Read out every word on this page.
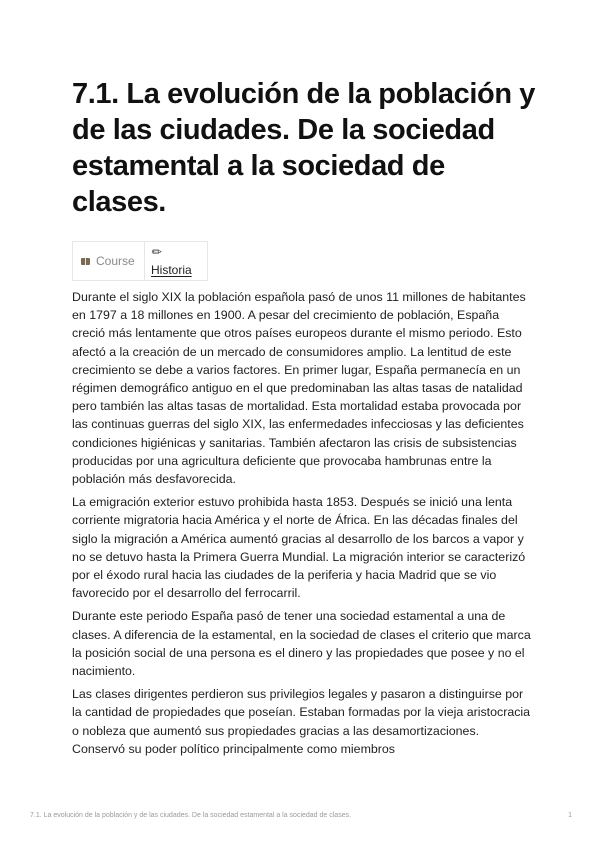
7.1. La evolución de la población y de las ciudades. De la sociedad estamental a la sociedad de clases.
Course
✎
Historia

Durante el siglo XIX la población española pasó de unos 11 millones de habitantes en 1797 a 18 millones en 1900. A pesar del crecimiento de población, España creció más lentamente que otros países europeos durante el mismo periodo. Esto afectó a la creación de un mercado de consumidores amplio. La lentitud de este crecimiento se debe a varios factores. En primer lugar, España permanecía en un régimen demográfico antiguo en el que predominaban las altas tasas de natalidad pero también las altas tasas de mortalidad. Esta mortalidad estaba provocada por las continuas guerras del siglo XIX, las enfermedades infecciosas y las deficientes condiciones higiénicas y sanitarias. También afectaron las crisis de subsistencias producidas por una agricultura deficiente que provocaba hambrunas entre la población más desfavorecida.

La emigración exterior estuvo prohibida hasta 1853. Después se inició una lenta corriente migratoria hacia América y el norte de África. En las décadas finales del siglo la migración a América aumentó gracias al desarrollo de los barcos a vapor y no se detuvo hasta la Primera Guerra Mundial. La migración interior se caracterizó por el éxodo rural hacia las ciudades de la periferia y hacia Madrid que se vio favorecido por el desarrollo del ferrocarril.

Durante este periodo España pasó de tener una sociedad estamental a una de clases. A diferencia de la estamental, en la sociedad de clases el criterio que marca la posición social de una persona es el dinero y las propiedades que posee y no el nacimiento.

Las clases dirigentes perdieron sus privilegios legales y pasaron a distinguirse por la cantidad de propiedades que poseían. Estaban formadas por la vieja aristocracia o nobleza que aumentó sus propiedades gracias a las desamortizaciones. Conservó su poder político principalmente como miembros

7.1. La evolución de la población y de las ciudades. De la sociedad estamental a la sociedad de clases.	1
